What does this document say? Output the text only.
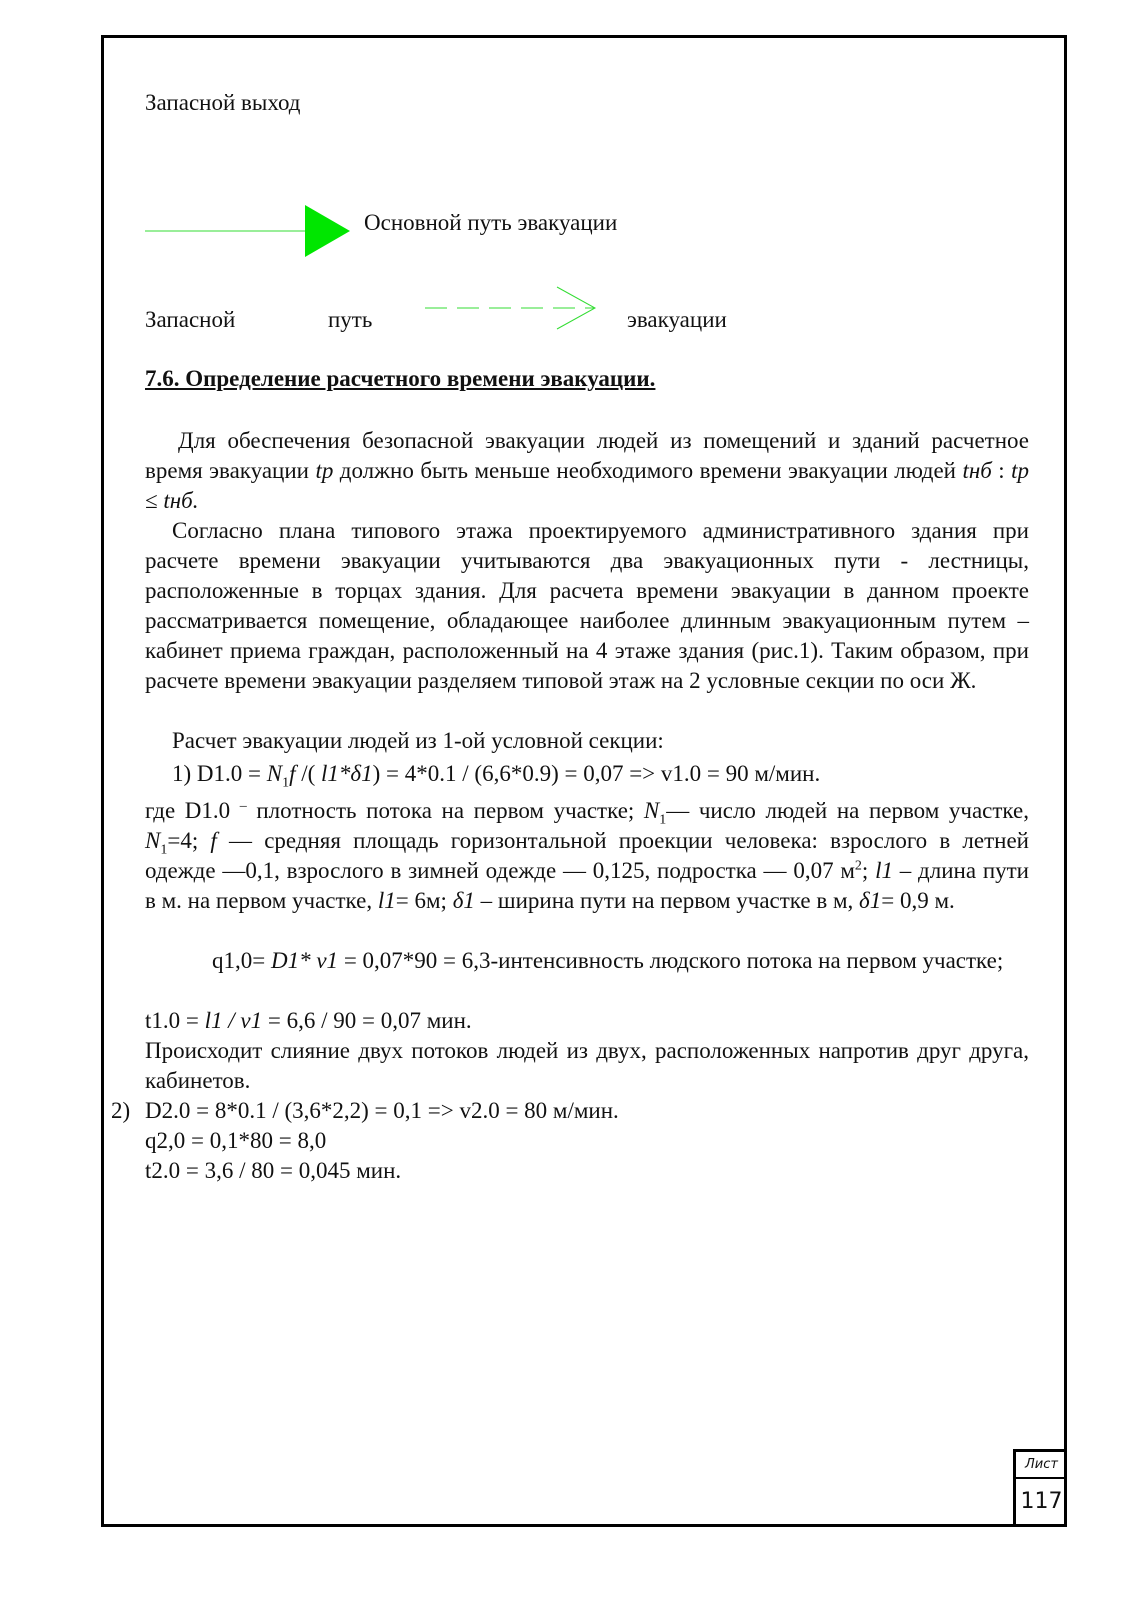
Запасной выход
Основной путь эвакуации
Запасной	путь	эвакуации
7.6. Определение расчетного времени эвакуации.
Для обеспечения безопасной эвакуации людей из помещений и зданий расчетное время эвакуации tр должно быть меньше необходимого времени эвакуации людей tнб : tр ≤ tнб.
Согласно плана типового этажа проектируемого административного здания при расчете времени эвакуации учитываются два эвакуационных пути - лестницы, расположенные в торцах здания. Для расчета времени эвакуации в данном проекте рассматривается помещение, обладающее наиболее длинным эвакуационным путем – кабинет приема граждан, расположенный на 4 этаже здания (рис.1). Таким образом, при расчете времени эвакуации разделяем типовой этаж на 2 условные секции по оси Ж.
Расчет эвакуации людей из 1-ой условной секции:
1) $D1.0 = N_1f$ /( l1*δ1) = 4*0.1 / (6,6*0.9) = 0,07 => v1.0 = 90 м/мин.
где D1.0 – плотность потока на первом участке; $N_1—$ число людей на первом участке, $N_1=4$; f — средняя площадь горизонтальной проекции человека: взрослого в летней одежде —0,1, взрослого в зимней одежде — 0,125, подростка — 0,07 $м^2$; l1 – длина пути в м. на первом участке, l1= 6м; δ1 – ширина пути на первом участке в м, δ1= 0,9 м.
q1,0= D1* v1 = 0,07*90 = 6,3-интенсивность людского потока на первом участке;
t1.0 = l1 / v1 = 6,6 / 90 = 0,07 мин.
Происходит слияние двух потоков людей из двух, расположенных напротив друг друга, кабинетов.
2) D2.0 = 8*0.1 / (3,6*2,2) = 0,1 => v2.0 = 80 м/мин.
q2,0 = 0,1*80 = 8,0
t2.0 = 3,6 / 80 = 0,045 мин.
Лист
117
